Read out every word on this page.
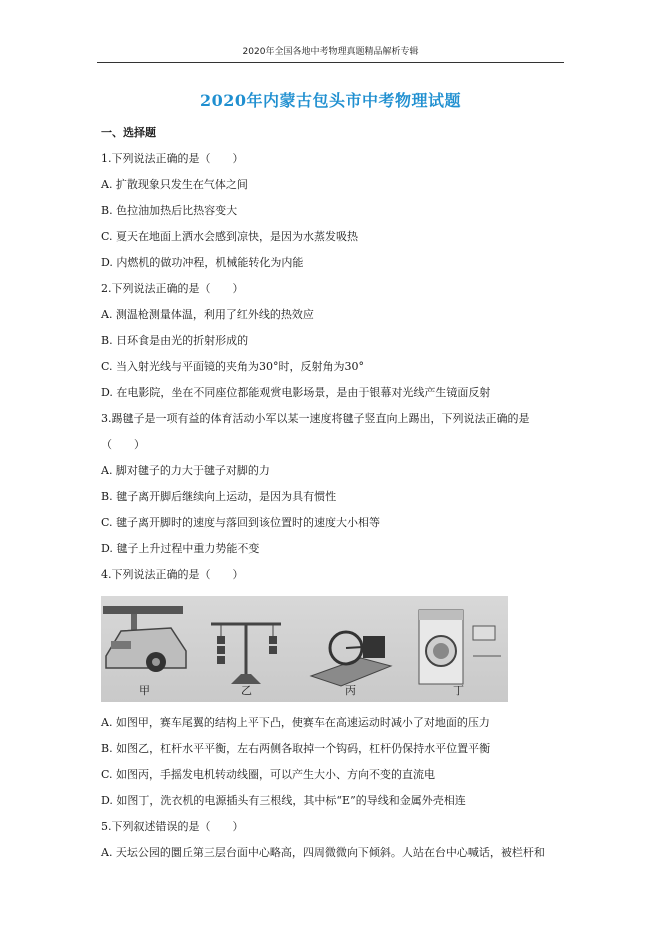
2020年全国各地中考物理真题精品解析专辑
2020年内蒙古包头市中考物理试题
一、选择题
1.下列说法正确的是（　　）
A. 扩散现象只发生在气体之间
B. 色拉油加热后比热容变大
C. 夏天在地面上洒水会感到凉快，是因为水蒸发吸热
D. 内燃机的做功冲程，机械能转化为内能
2.下列说法正确的是（　　）
A. 测温枪测量体温，利用了红外线的热效应
B. 日环食是由光的折射形成的
C. 当入射光线与平面镜的夹角为30°时，反射角为30°
D. 在电影院，坐在不同座位都能观赏电影场景，是由于银幕对光线产生镜面反射
3.踢毽子是一项有益的体育活动小军以某一速度将毽子竖直向上踢出，下列说法正确的是
（　　）
A. 脚对毽子的力大于毽子对脚的力
B. 毽子离开脚后继续向上运动，是因为具有惯性
C. 毽子离开脚时的速度与落回到该位置时的速度大小相等
D. 毽子上升过程中重力势能不变
4.下列说法正确的是（　　）
甲	乙	丙	丁
A. 如图甲，赛车尾翼的结构上平下凸，使赛车在高速运动时减小了对地面的压力
B. 如图乙，杠杆水平平衡，左右两侧各取掉一个钩码，杠杆仍保持水平位置平衡
C. 如图丙，手摇发电机转动线圈，可以产生大小、方向不变的直流电
D. 如图丁，洗衣机的电源插头有三根线，其中标“E”的导线和金属外壳相连
5.下列叙述错误的是（　　）
A. 天坛公园的圜丘第三层台面中心略高，四周微微向下倾斜。人站在台中心喊话，被栏杆和
